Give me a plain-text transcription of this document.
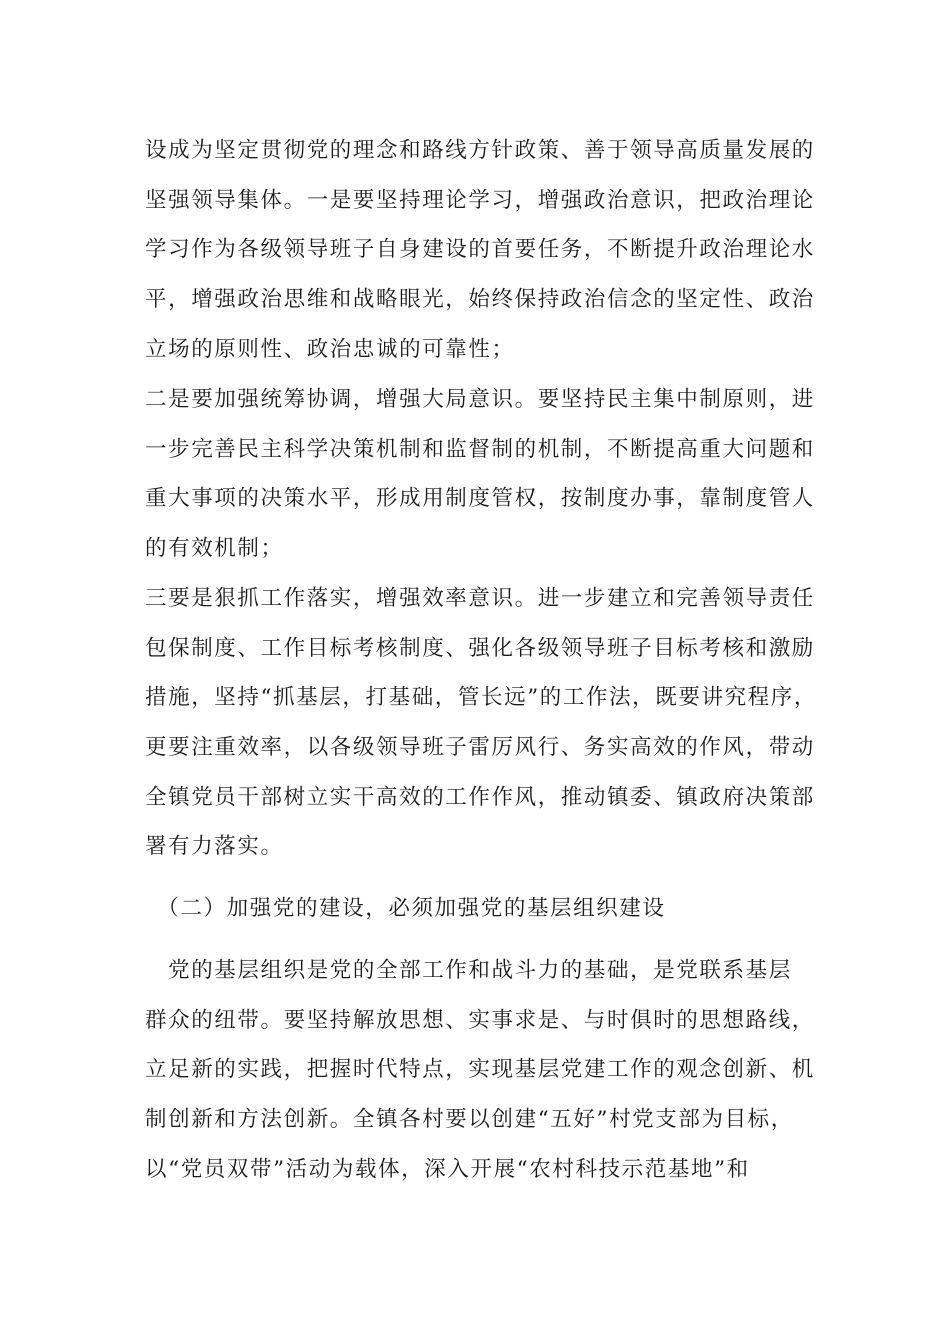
设成为坚定贯彻党的理念和路线方针政策、善于领导高质量发展的
坚强领导集体。一是要坚持理论学习，增强政治意识，把政治理论
学习作为各级领导班子自身建设的首要任务，不断提升政治理论水
平，增强政治思维和战略眼光，始终保持政治信念的坚定性、政治
立场的原则性、政治忠诚的可靠性；
二是要加强统筹协调，增强大局意识。要坚持民主集中制原则，进
一步完善民主科学决策机制和监督制的机制，不断提高重大问题和
重大事项的决策水平，形成用制度管权，按制度办事，靠制度管人
的有效机制；
三要是狠抓工作落实，增强效率意识。进一步建立和完善领导责任
包保制度、工作目标考核制度、强化各级领导班子目标考核和激励
措施，坚持“抓基层，打基础，管长远”的工作法，既要讲究程序，
更要注重效率，以各级领导班子雷厉风行、务实高效的作风，带动
全镇党员干部树立实干高效的工作作风，推动镇委、镇政府决策部
署有力落实。
　（二）加强党的建设，必须加强党的基层组织建设
　党的基层组织是党的全部工作和战斗力的基础，是党联系基层
群众的纽带。要坚持解放思想、实事求是、与时俱时的思想路线，
立足新的实践，把握时代特点，实现基层党建工作的观念创新、机
制创新和方法创新。全镇各村要以创建“五好”村党支部为目标，
以“党员双带”活动为载体，深入开展“农村科技示范基地”和
